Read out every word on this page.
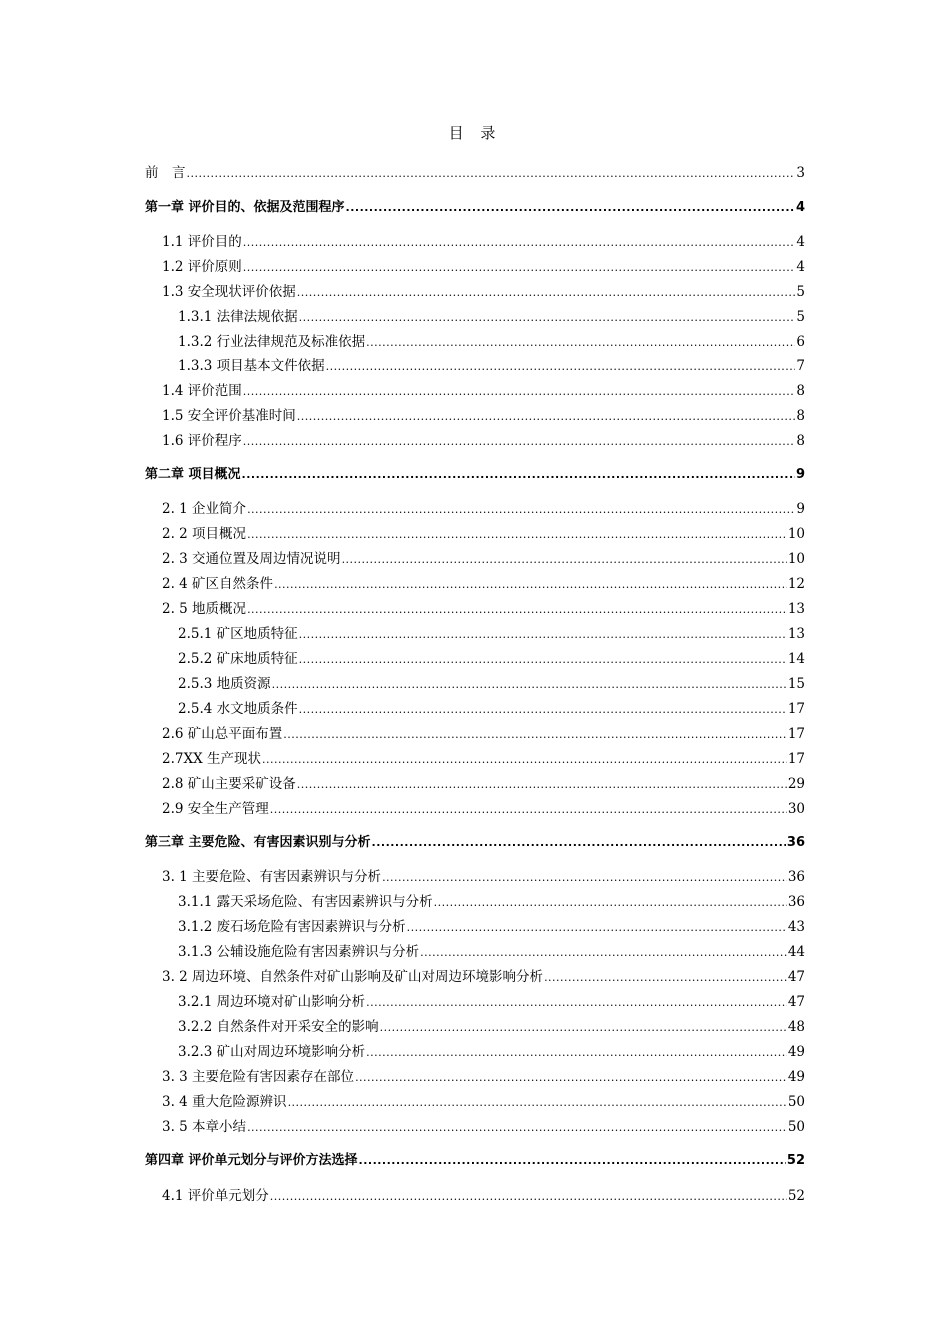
目 录
前　言 .....	3
第一章 评价目的、依据及范围程序 .....	4
1.1 评价目的 .....	4
1.2 评价原则 .....	4
1.3 安全现状评价依据 .....	5
1.3.1 法律法规依据 .....	5
1.3.2 行业法律规范及标准依据 .....	6
1.3.3 项目基本文件依据 .....	7
1.4 评价范围 .....	8
1.5 安全评价基准时间 .....	8
1.6 评价程序 .....	8
第二章 项目概况 .....	9
2. 1 企业简介 .....	9
2. 2 项目概况 .....	10
2. 3 交通位置及周边情况说明 .....	10
2. 4 矿区自然条件 .....	12
2. 5 地质概况 .....	13
2.5.1 矿区地质特征 .....	13
2.5.2 矿床地质特征 .....	14
2.5.3 地质资源 .....	15
2.5.4 水文地质条件 .....	17
2.6 矿山总平面布置 .....	17
2.7XX 生产现状 .....	17
2.8 矿山主要采矿设备 .....	29
2.9 安全生产管理 .....	30
第三章 主要危险、有害因素识别与分析 .....	36
3. 1 主要危险、有害因素辨识与分析 .....	36
3.1.1 露天采场危险、有害因素辨识与分析 .....	36
3.1.2 废石场危险有害因素辨识与分析 .....	43
3.1.3 公辅设施危险有害因素辨识与分析 .....	44
3. 2 周边环境、自然条件对矿山影响及矿山对周边环境影响分析 .....	47
3.2.1 周边环境对矿山影响分析 .....	47
3.2.2 自然条件对开采安全的影响 .....	48
3.2.3 矿山对周边环境影响分析 .....	49
3. 3 主要危险有害因素存在部位 .....	49
3. 4 重大危险源辨识 .....	50
3. 5 本章小结 .....	50
第四章 评价单元划分与评价方法选择 .....	52
4.1 评价单元划分 .....	52
